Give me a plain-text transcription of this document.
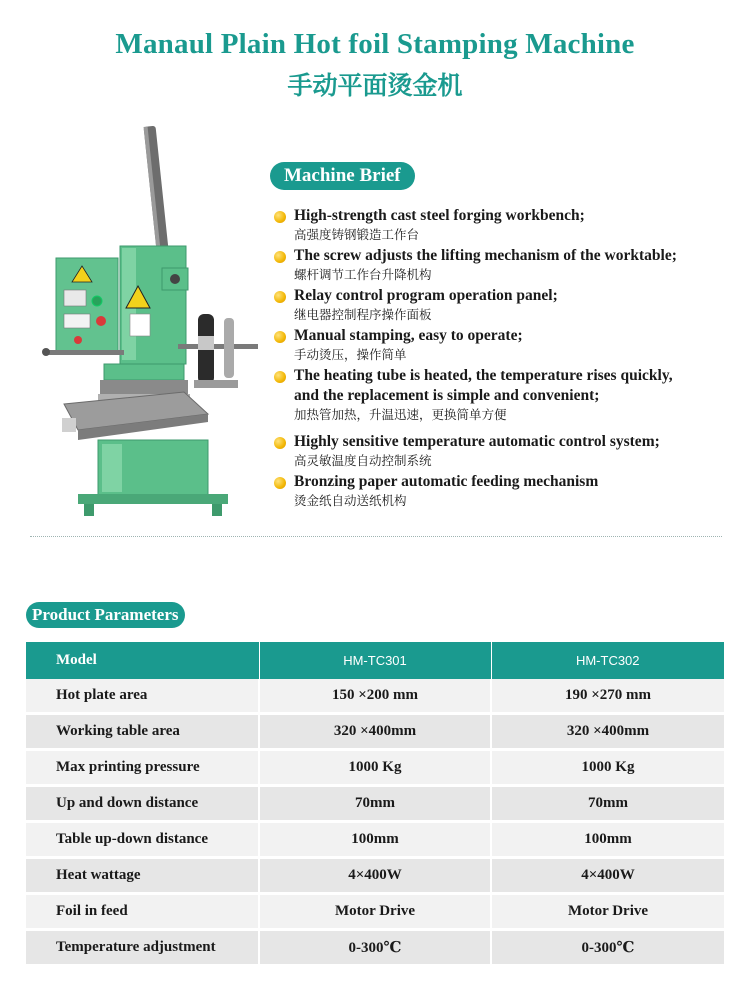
Manaul Plain Hot foil Stamping Machine
手动平面烫金机
Machine Brief
High-strength cast steel forging workbench;
高强度铸钢锻造工作台
The screw adjusts the lifting mechanism of the worktable;
螺杆调节工作台升降机构
Relay control program operation panel;
继电器控制程序操作面板
Manual stamping, easy to operate;
手动烫压，操作简单
The heating tube is heated, the temperature rises quickly,
and the replacement is simple and convenient;
加热管加热，升温迅速，更换简单方便
Highly sensitive temperature automatic control system;
高灵敏温度自动控制系统
Bronzing paper automatic feeding mechanism
烫金纸自动送纸机构
Product Parameters
Model	HM-TC301	HM-TC302
Hot plate area	150 ×200 mm	190 ×270 mm
Working table area	320 ×400mm	320 ×400mm
Max printing pressure	1000 Kg	1000 Kg
Up and down distance	70mm	70mm
Table up-down distance	100mm	100mm
Heat wattage	4×400W	4×400W
Foil in feed	Motor Drive	Motor Drive
Temperature adjustment	0-300℃	0-300℃
